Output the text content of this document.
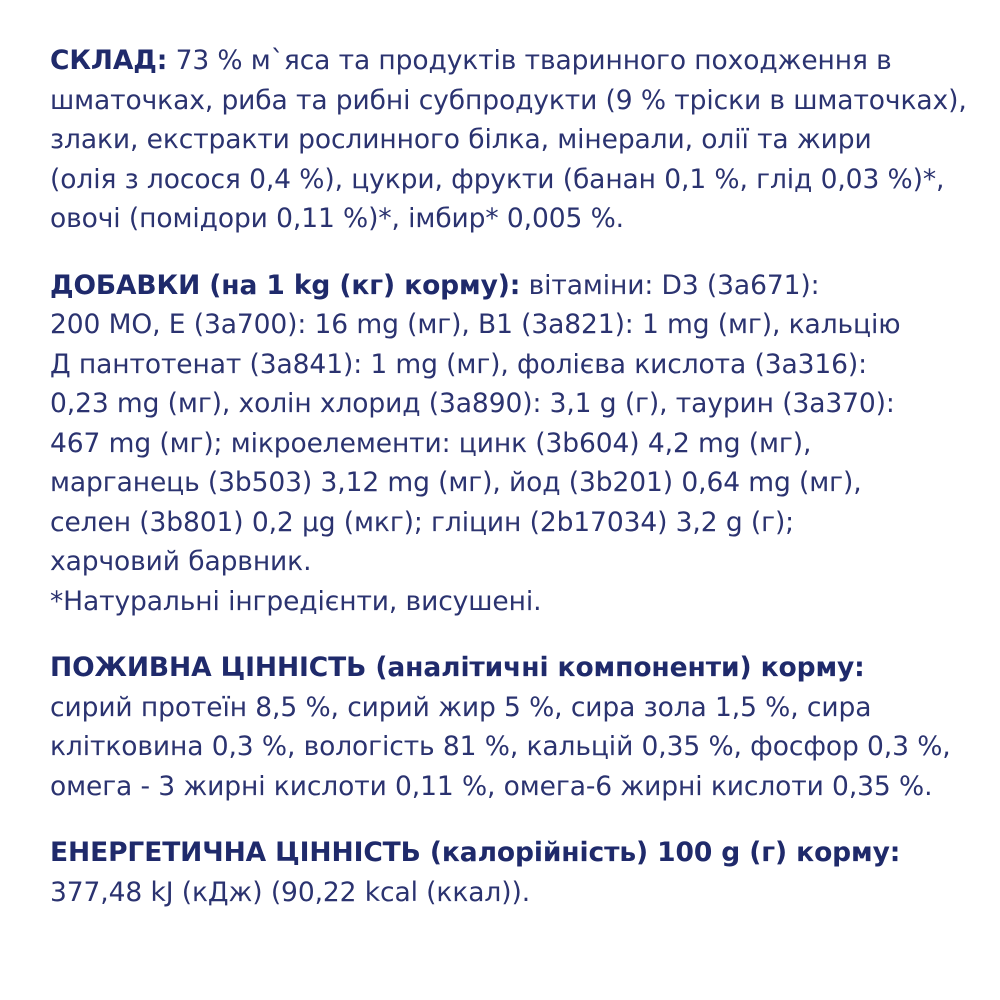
СКЛАД: 73 % м`яса та продуктів тваринного походження в
шматочках, риба та рибні субпродукти (9 % тріски в шматочках),
злаки, екстракти рослинного білка, мінерали, олії та жири
(олія з лосося 0,4 %), цукри, фрукти (банан 0,1 %, глід 0,03 %)*,
овочі (помідори 0,11 %)*, імбир* 0,005 %.
ДОБАВКИ (на 1 kg (кг) корму): вітаміни: D3 (3a671):
200 МО, Е (3a700): 16 mg (мг), В1 (3a821): 1 mg (мг), кальцію
Д пантотенат (3a841): 1 mg (мг), фолієва кислота (3a316):
0,23 mg (мг), холін хлорид (3a890): 3,1 g (г), таурин (3a370):
467 mg (мг); мікроелементи: цинк (3b604) 4,2 mg (мг),
марганець (3b503) 3,12 mg (мг), йод (3b201) 0,64 mg (мг),
селен (3b801) 0,2 µg (мкг); гліцин (2b17034) 3,2 g (г);
харчовий барвник.
*Натуральні інгредієнти, висушені.
ПОЖИВНА ЦІННІСТЬ (аналітичні компоненти) корму:
сирий протеїн 8,5 %, сирий жир 5 %, сира зола 1,5 %, сира
клітковина 0,3 %, вологість 81 %, кальцій 0,35 %, фосфор 0,3 %,
омега - 3 жирні кислоти 0,11 %, омега-6 жирні кислоти 0,35 %.
ЕНЕРГЕТИЧНА ЦІННІСТЬ (калорійність) 100 g (г) корму:
377,48 kJ (кДж) (90,22 kcal (ккал)).
